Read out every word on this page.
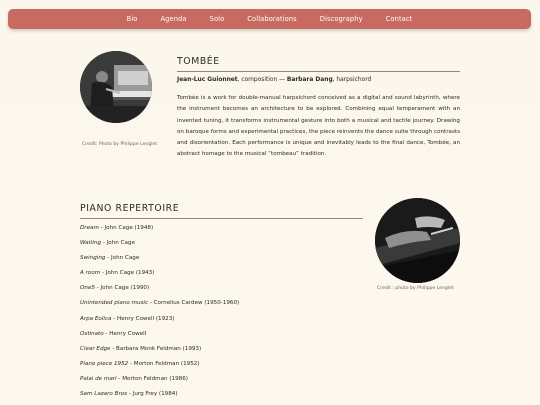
Bio	Agenda	Solo	Collaborations	Discography	Contact
Credit: Photo by Philippe Lenglet
TOMBÉE
Jean-Luc Guionnet, composition — Barbara Dang, harpsichord

Tombée is a work for double-manual harpsichord conceived as a digital and sound labyrinth, where the instrument becomes an architecture to be explored. Combining equal temperament with an invented tuning, it transforms instrumental gesture into both a musical and tactile journey. Drawing on baroque forms and experimental practices, the piece reinvents the dance suite through contrasts and disorientation. Each performance is unique and inevitably leads to the final dance, Tombée, an abstract homage to the musical “tombeau” tradition.

PIANO REPERTOIRE
Credit : photo by Philippe Lenglet
Dream - John Cage (1948)
Waiting - John Cage
Swinging - John Cage
A room - John Cage (1943)
One5 - John Cage (1990)
Unintended piano music - Cornelius Cardew (1950-1960)
Arpa Eolica - Henry Cowell (1923)
Ostinato - Henry Cowell
Clear Edge - Barbara Monk Feldman (1993)
Piano piece 1952 - Morton Feldman (1952)
Palai de mari - Morton Feldman (1986)
Sam Lazaro Bros - Jurg Frey (1984)
